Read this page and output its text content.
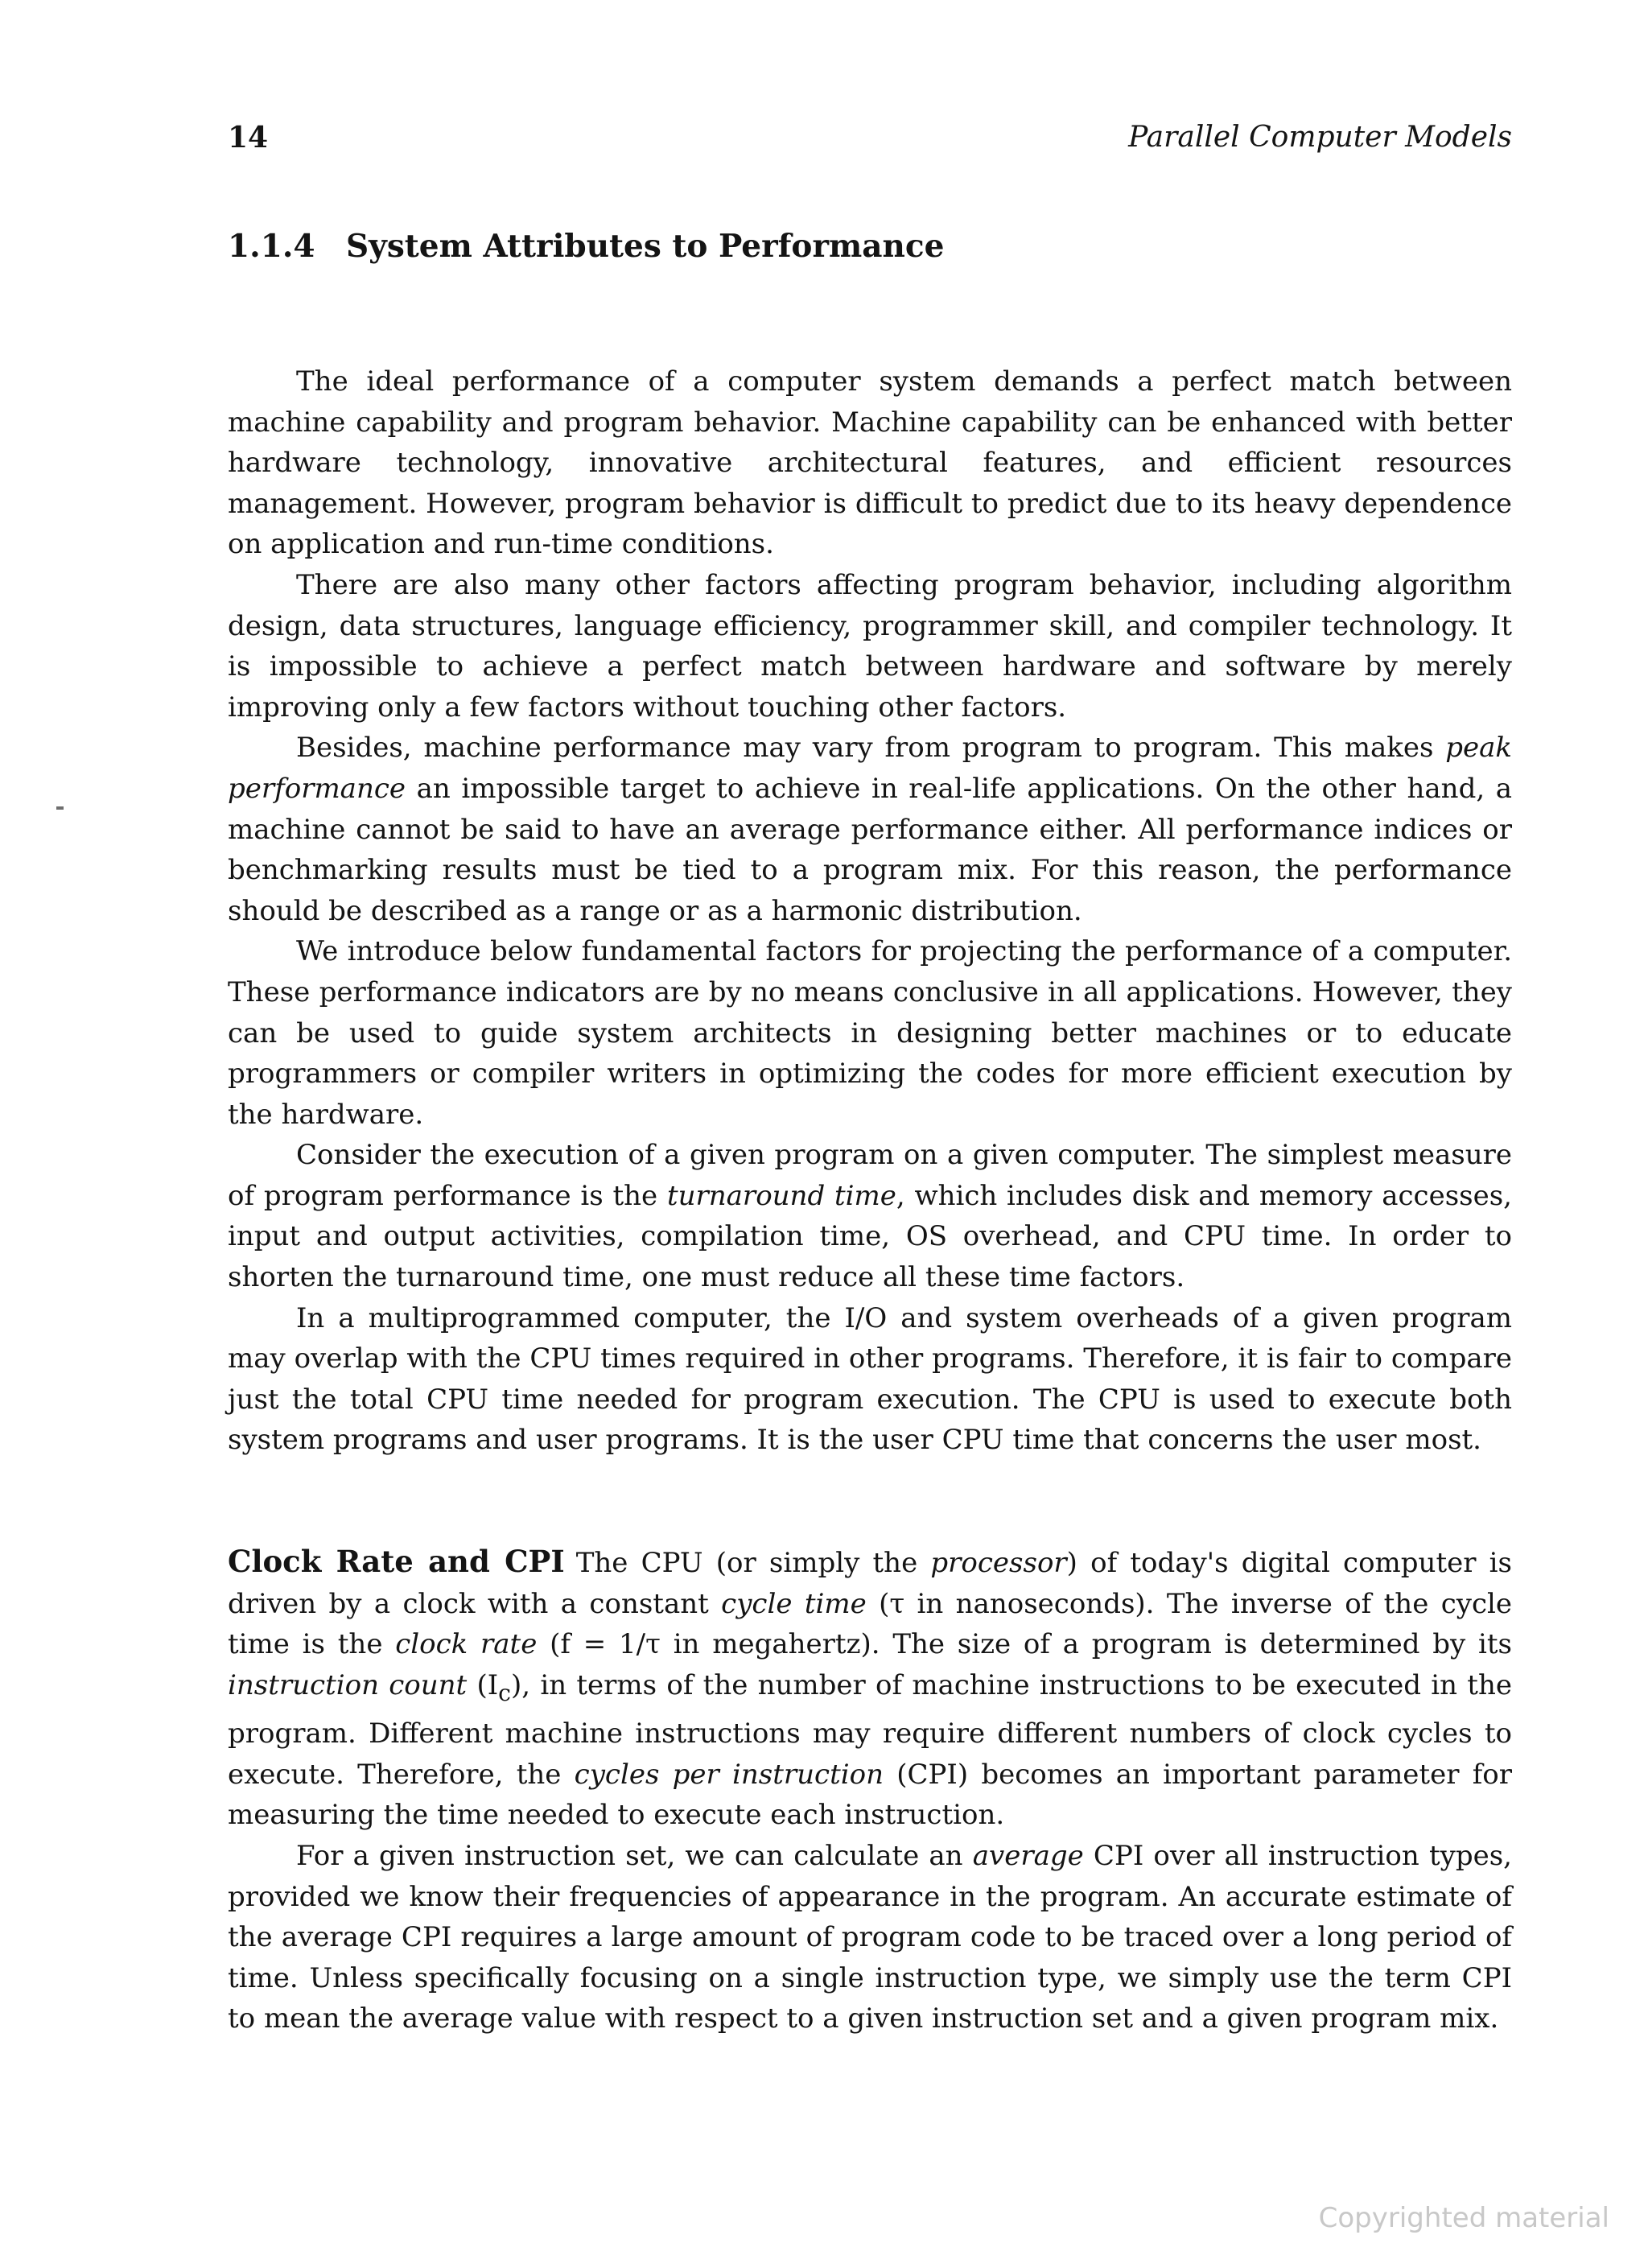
14	Parallel Computer Models
1.1.4 System Attributes to Performance

The ideal performance of a computer system demands a perfect match between machine capability and program behavior. Machine capability can be enhanced with better hardware technology, innovative architectural features, and efficient resources management. However, program behavior is difficult to predict due to its heavy dependence on application and run-time conditions.

There are also many other factors affecting program behavior, including algorithm design, data structures, language efficiency, programmer skill, and compiler technology. It is impossible to achieve a perfect match between hardware and software by merely improving only a few factors without touching other factors.

Besides, machine performance may vary from program to program. This makes peak performance an impossible target to achieve in real-life applications. On the other hand, a machine cannot be said to have an average performance either. All performance indices or benchmarking results must be tied to a program mix. For this reason, the performance should be described as a range or as a harmonic distribution.

We introduce below fundamental factors for projecting the performance of a computer. These performance indicators are by no means conclusive in all applications. However, they can be used to guide system architects in designing better machines or to educate programmers or compiler writers in optimizing the codes for more efficient execution by the hardware.

Consider the execution of a given program on a given computer. The simplest measure of program performance is the turnaround time, which includes disk and memory accesses, input and output activities, compilation time, OS overhead, and CPU time. In order to shorten the turnaround time, one must reduce all these time factors.

In a multiprogrammed computer, the I/O and system overheads of a given program may overlap with the CPU times required in other programs. Therefore, it is fair to compare just the total CPU time needed for program execution. The CPU is used to execute both system programs and user programs. It is the user CPU time that concerns the user most.

Clock Rate and CPI The CPU (or simply the processor) of today's digital computer is driven by a clock with a constant cycle time (τ in nanoseconds). The inverse of the cycle time is the clock rate (f = 1/τ in megahertz). The size of a program is determined by its instruction count $(I_c)$, in terms of the number of machine instructions to be executed in the program. Different machine instructions may require different numbers of clock cycles to execute. Therefore, the cycles per instruction (CPI) becomes an important parameter for measuring the time needed to execute each instruction.

For a given instruction set, we can calculate an average CPI over all instruction types, provided we know their frequencies of appearance in the program. An accurate estimate of the average CPI requires a large amount of program code to be traced over a long period of time. Unless specifically focusing on a single instruction type, we simply use the term CPI to mean the average value with respect to a given instruction set and a given program mix.

Copyrighted material
